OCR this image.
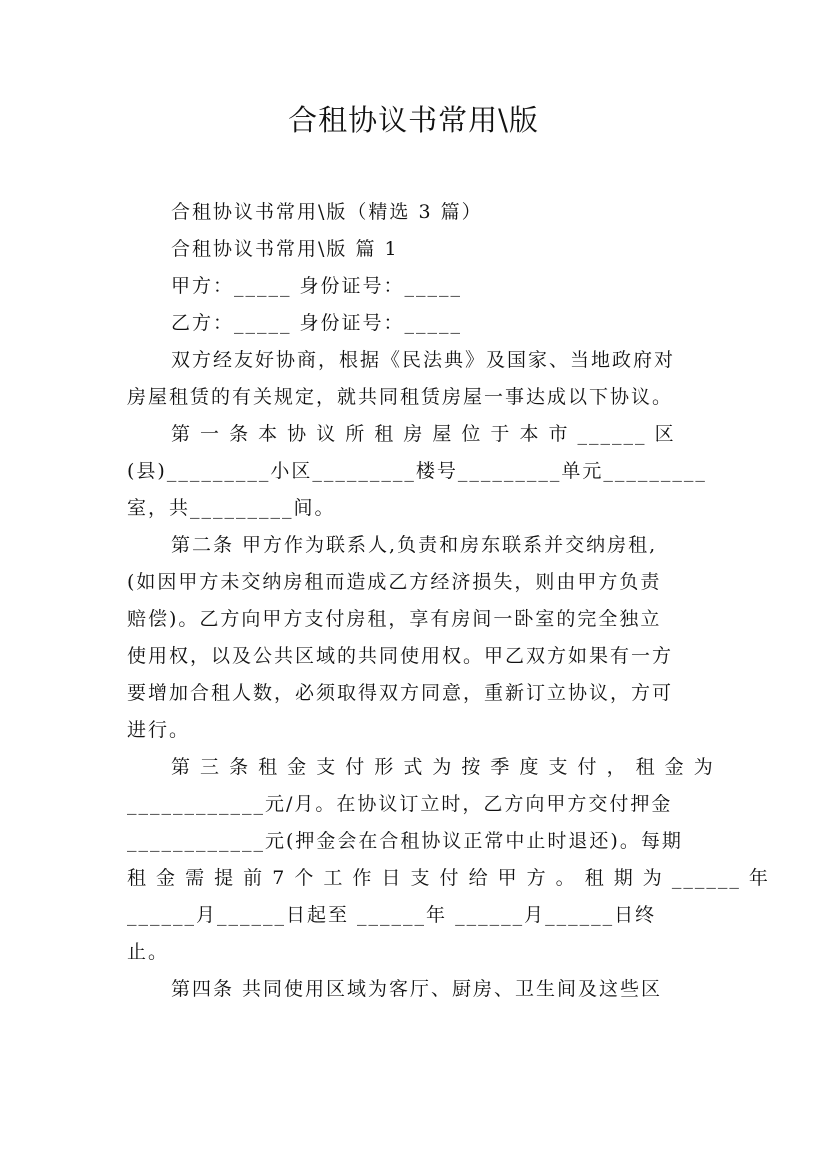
合租协议书常用\版
合租协议书常用\版（精选 3 篇）
合租协议书常用\版 篇 1
甲方：_____ 身份证号：_____
乙方：_____ 身份证号：_____
双方经友好协商，根据《民法典》及国家、当地政府对
房屋租赁的有关规定，就共同租赁房屋一事达成以下协议。
第 一 条 本 协 议 所 租 房 屋 位 于 本 市 ______ 区
(县)_________小区_________楼号_________单元_________
室，共_________间。
第二条 甲方作为联系人,负责和房东联系并交纳房租,
(如因甲方未交纳房租而造成乙方经济损失，则由甲方负责
赔偿)。乙方向甲方支付房租，享有房间一卧室的完全独立
使用权，以及公共区域的共同使用权。甲乙双方如果有一方
要增加合租人数，必须取得双方同意，重新订立协议，方可
进行。
第 三 条 租 金 支 付 形 式 为 按 季 度 支 付 ， 租 金 为
____________元/月。在协议订立时，乙方向甲方交付押金
____________元(押金会在合租协议正常中止时退还)。每期
租 金 需 提 前 7 个 工 作 日 支 付 给 甲 方 。 租 期 为 ______ 年
______月______日起至 ______年 ______月______日终
止。
第四条 共同使用区域为客厅、厨房、卫生间及这些区
